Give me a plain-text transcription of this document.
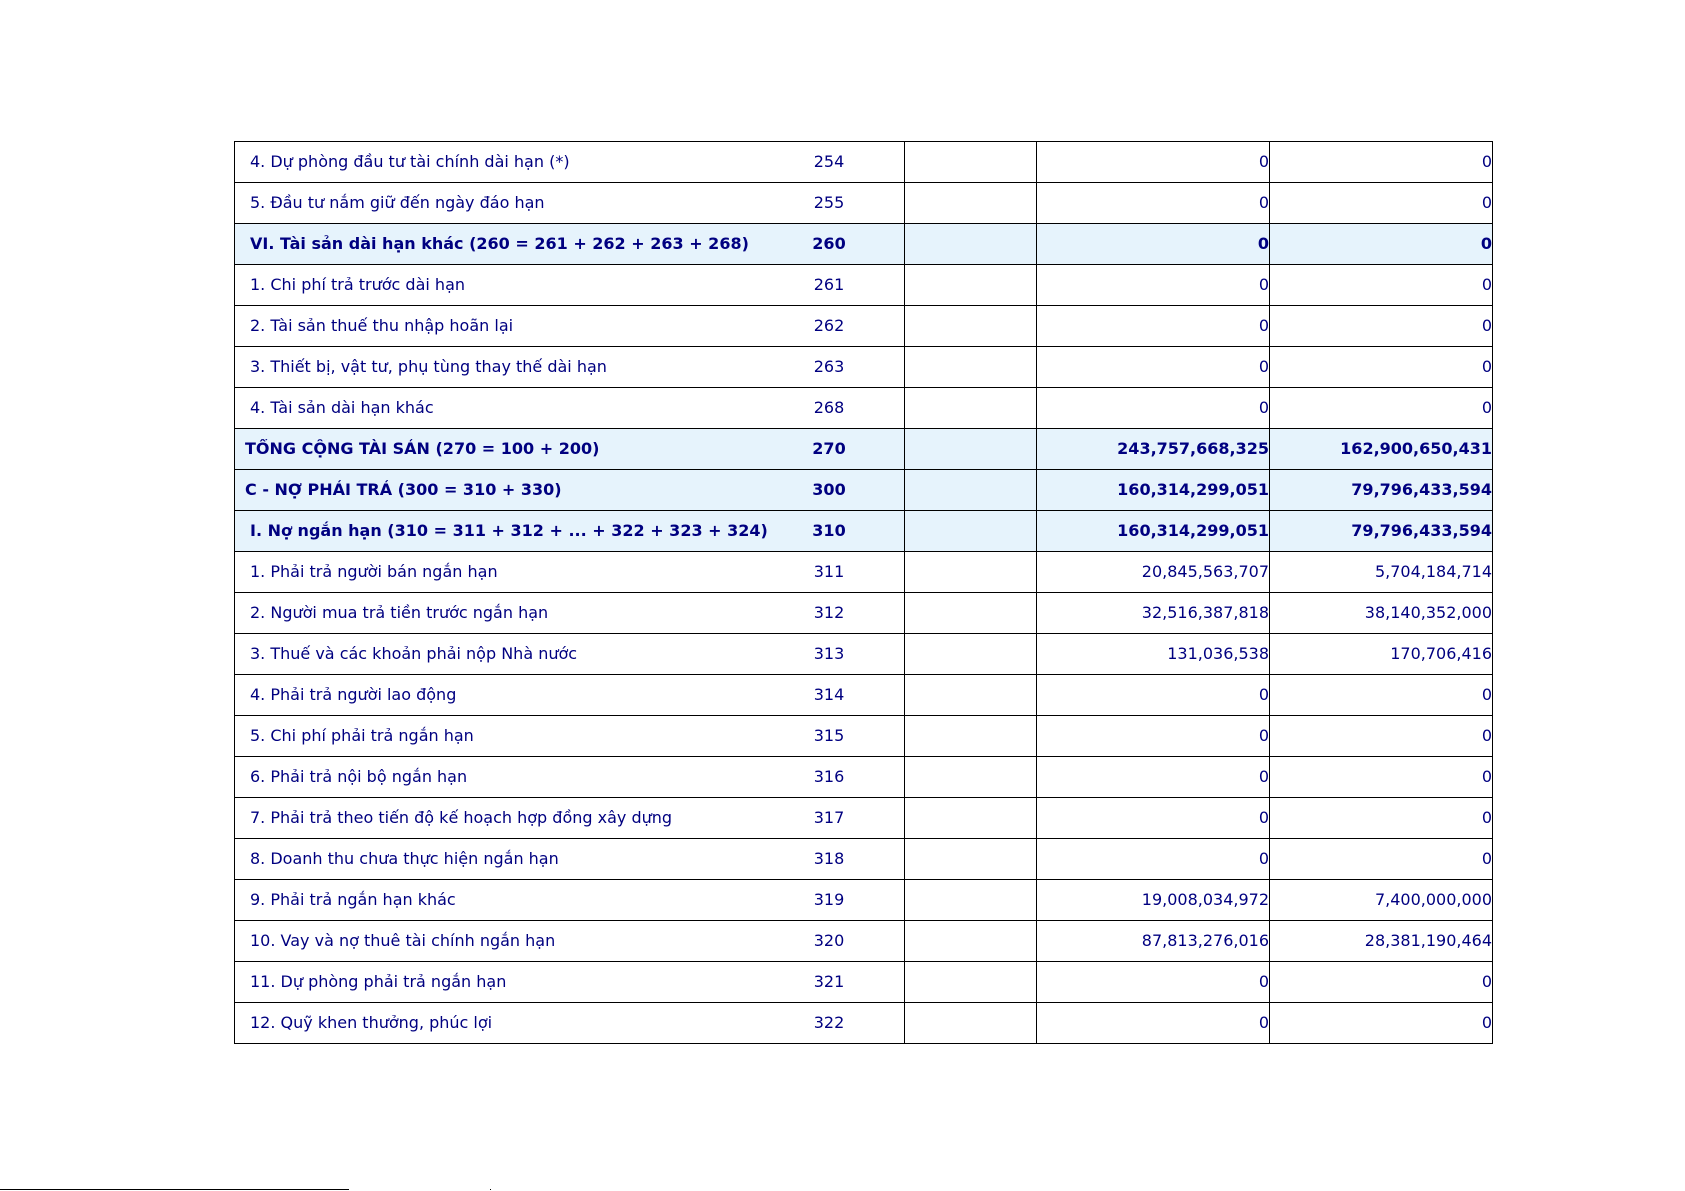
4. Dự phòng đầu tư tài chính dài hạn (*) 254		0	0

5. Đầu tư nắm giữ đến ngày đáo hạn 255		0	0

VI. Tài sản dài hạn khác (260 = 261 + 262 + 263 + 268) 260		0	0

1. Chi phí trả trước dài hạn 261		0	0

2. Tài sản thuế thu nhập hoãn lại 262		0	0

3. Thiết bị, vật tư, phụ tùng thay thế dài hạn 263		0	0

4. Tài sản dài hạn khác 268		0	0

TỔNG CỘNG TÀI SẢN (270 = 100 + 200) 270		243,757,668,325	162,900,650,431

C - NỢ PHẢI TRẢ (300 = 310 + 330) 300		160,314,299,051	79,796,433,594

I. Nợ ngắn hạn (310 = 311 + 312 + ... + 322 + 323 + 324) 310		160,314,299,051	79,796,433,594

1. Phải trả người bán ngắn hạn 311		20,845,563,707	5,704,184,714

2. Người mua trả tiền trước ngắn hạn 312		32,516,387,818	38,140,352,000

3. Thuế và các khoản phải nộp Nhà nước 313		131,036,538	170,706,416

4. Phải trả người lao động 314		0	0

5. Chi phí phải trả ngắn hạn 315		0	0

6. Phải trả nội bộ ngắn hạn 316		0	0

7. Phải trả theo tiến độ kế hoạch hợp đồng xây dựng 317		0	0

8. Doanh thu chưa thực hiện ngắn hạn 318		0	0

9. Phải trả ngắn hạn khác 319		19,008,034,972	7,400,000,000

10. Vay và nợ thuê tài chính ngắn hạn 320		87,813,276,016	28,381,190,464

11. Dự phòng phải trả ngắn hạn 321		0	0

12. Quỹ khen thưởng, phúc lợi 322		0	0
